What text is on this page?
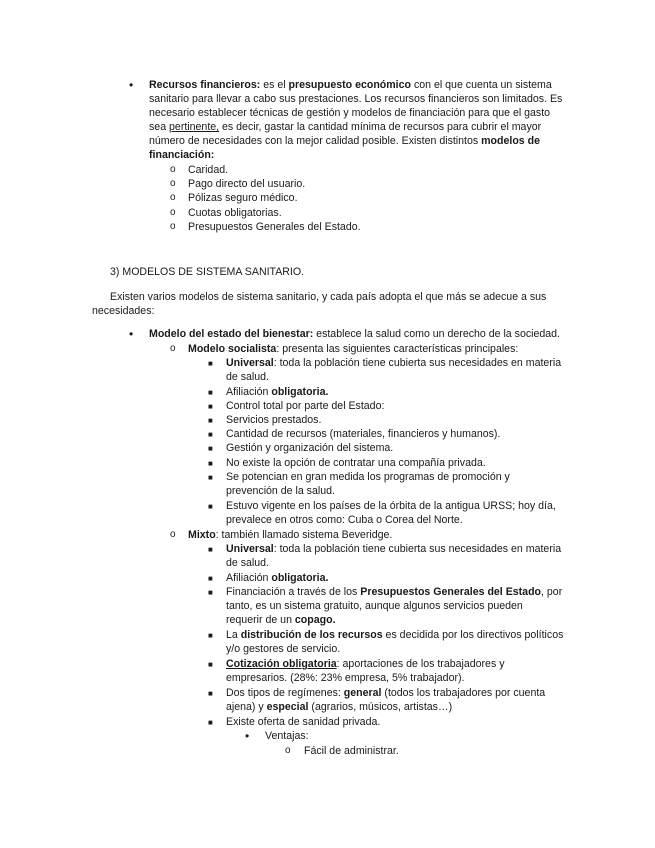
• Recursos financieros: es el presupuesto económico con el que cuenta un sistema
sanitario para llevar a cabo sus prestaciones. Los recursos financieros son limitados. Es
necesario establecer técnicas de gestión y modelos de financiación para que el gasto
sea pertinente, es decir, gastar la cantidad mínima de recursos para cubrir el mayor
número de necesidades con la mejor calidad posible. Existen distintos modelos de
financiación:
o Caridad.
o Pago directo del usuario.
o Pólizas seguro médico.
o Cuotas obligatorias.
o Presupuestos Generales del Estado.
3) MODELOS DE SISTEMA SANITARIO.
Existen varios modelos de sistema sanitario, y cada país adopta el que más se adecue a sus
necesidades:
• Modelo del estado del bienestar: establece la salud como un derecho de la sociedad.
o Modelo socialista: presenta las siguientes características principales:
■ Universal: toda la población tiene cubierta sus necesidades en materia
de salud.
■ Afiliación obligatoria.
■ Control total por parte del Estado:
■ Servicios prestados.
■ Cantidad de recursos (materiales, financieros y humanos).
■ Gestión y organización del sistema.
■ No existe la opción de contratar una compañía privada.
■ Se potencian en gran medida los programas de promoción y
prevención de la salud.
■ Estuvo vigente en los países de la órbita de la antigua URSS; hoy día,
prevalece en otros como: Cuba o Corea del Norte.
o Mixto: también llamado sistema Beveridge.
■ Universal: toda la población tiene cubierta sus necesidades en materia
de salud.
■ Afiliación obligatoria.
■ Financiación a través de los Presupuestos Generales del Estado, por
tanto, es un sistema gratuito, aunque algunos servicios pueden
requerir de un copago.
■ La distribución de los recursos es decidida por los directivos políticos
y/o gestores de servicio.
■ Cotización obligatoria: aportaciones de los trabajadores y
empresarios. (28%: 23% empresa, 5% trabajador).
■ Dos tipos de regímenes: general (todos los trabajadores por cuenta
ajena) y especial (agrarios, músicos, artistas…)
■ Existe oferta de sanidad privada.
• Ventajas:
o Fácil de administrar.
